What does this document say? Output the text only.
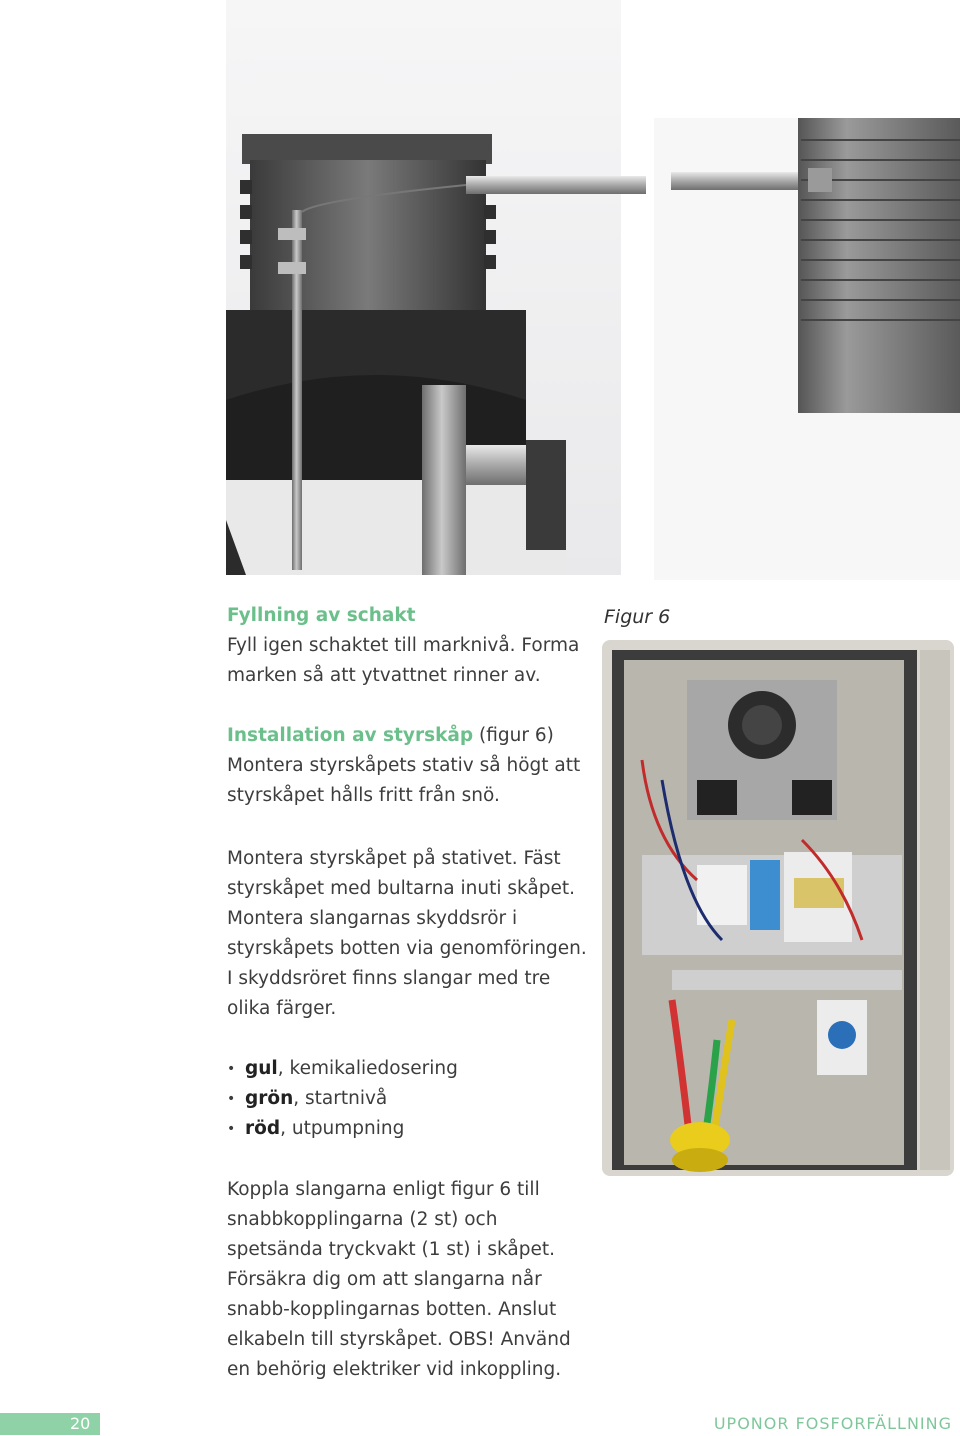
Figur 6
Fyllning av schakt

Fyll igen schaktet till marknivå. Forma marken så att ytvattnet rinner av.

Installation av styrskåp (figur 6)

Montera styrskåpets stativ så högt att styrskåpet hålls fritt från snö.

Montera styrskåpet på stativet. Fäst styrskåpet med bultarna inuti skåpet. Montera slangarnas skyddsrör i styrskåpets botten via genomföringen. I skyddsröret finns slangar med tre olika färger.

• gul, kemikaliedosering
• grön, startnivå
• röd, utpumpning

Koppla slangarna enligt figur 6 till snabbkopplingarna (2 st) och spetsända tryckvakt (1 st) i skåpet.

Försäkra dig om att slangarna når snabb-kopplingarnas botten. Anslut elkabeln till styrskåpet. OBS! Använd en behörig elektriker vid inkoppling.

20	UPONOR FOSFORFÄLLNING
